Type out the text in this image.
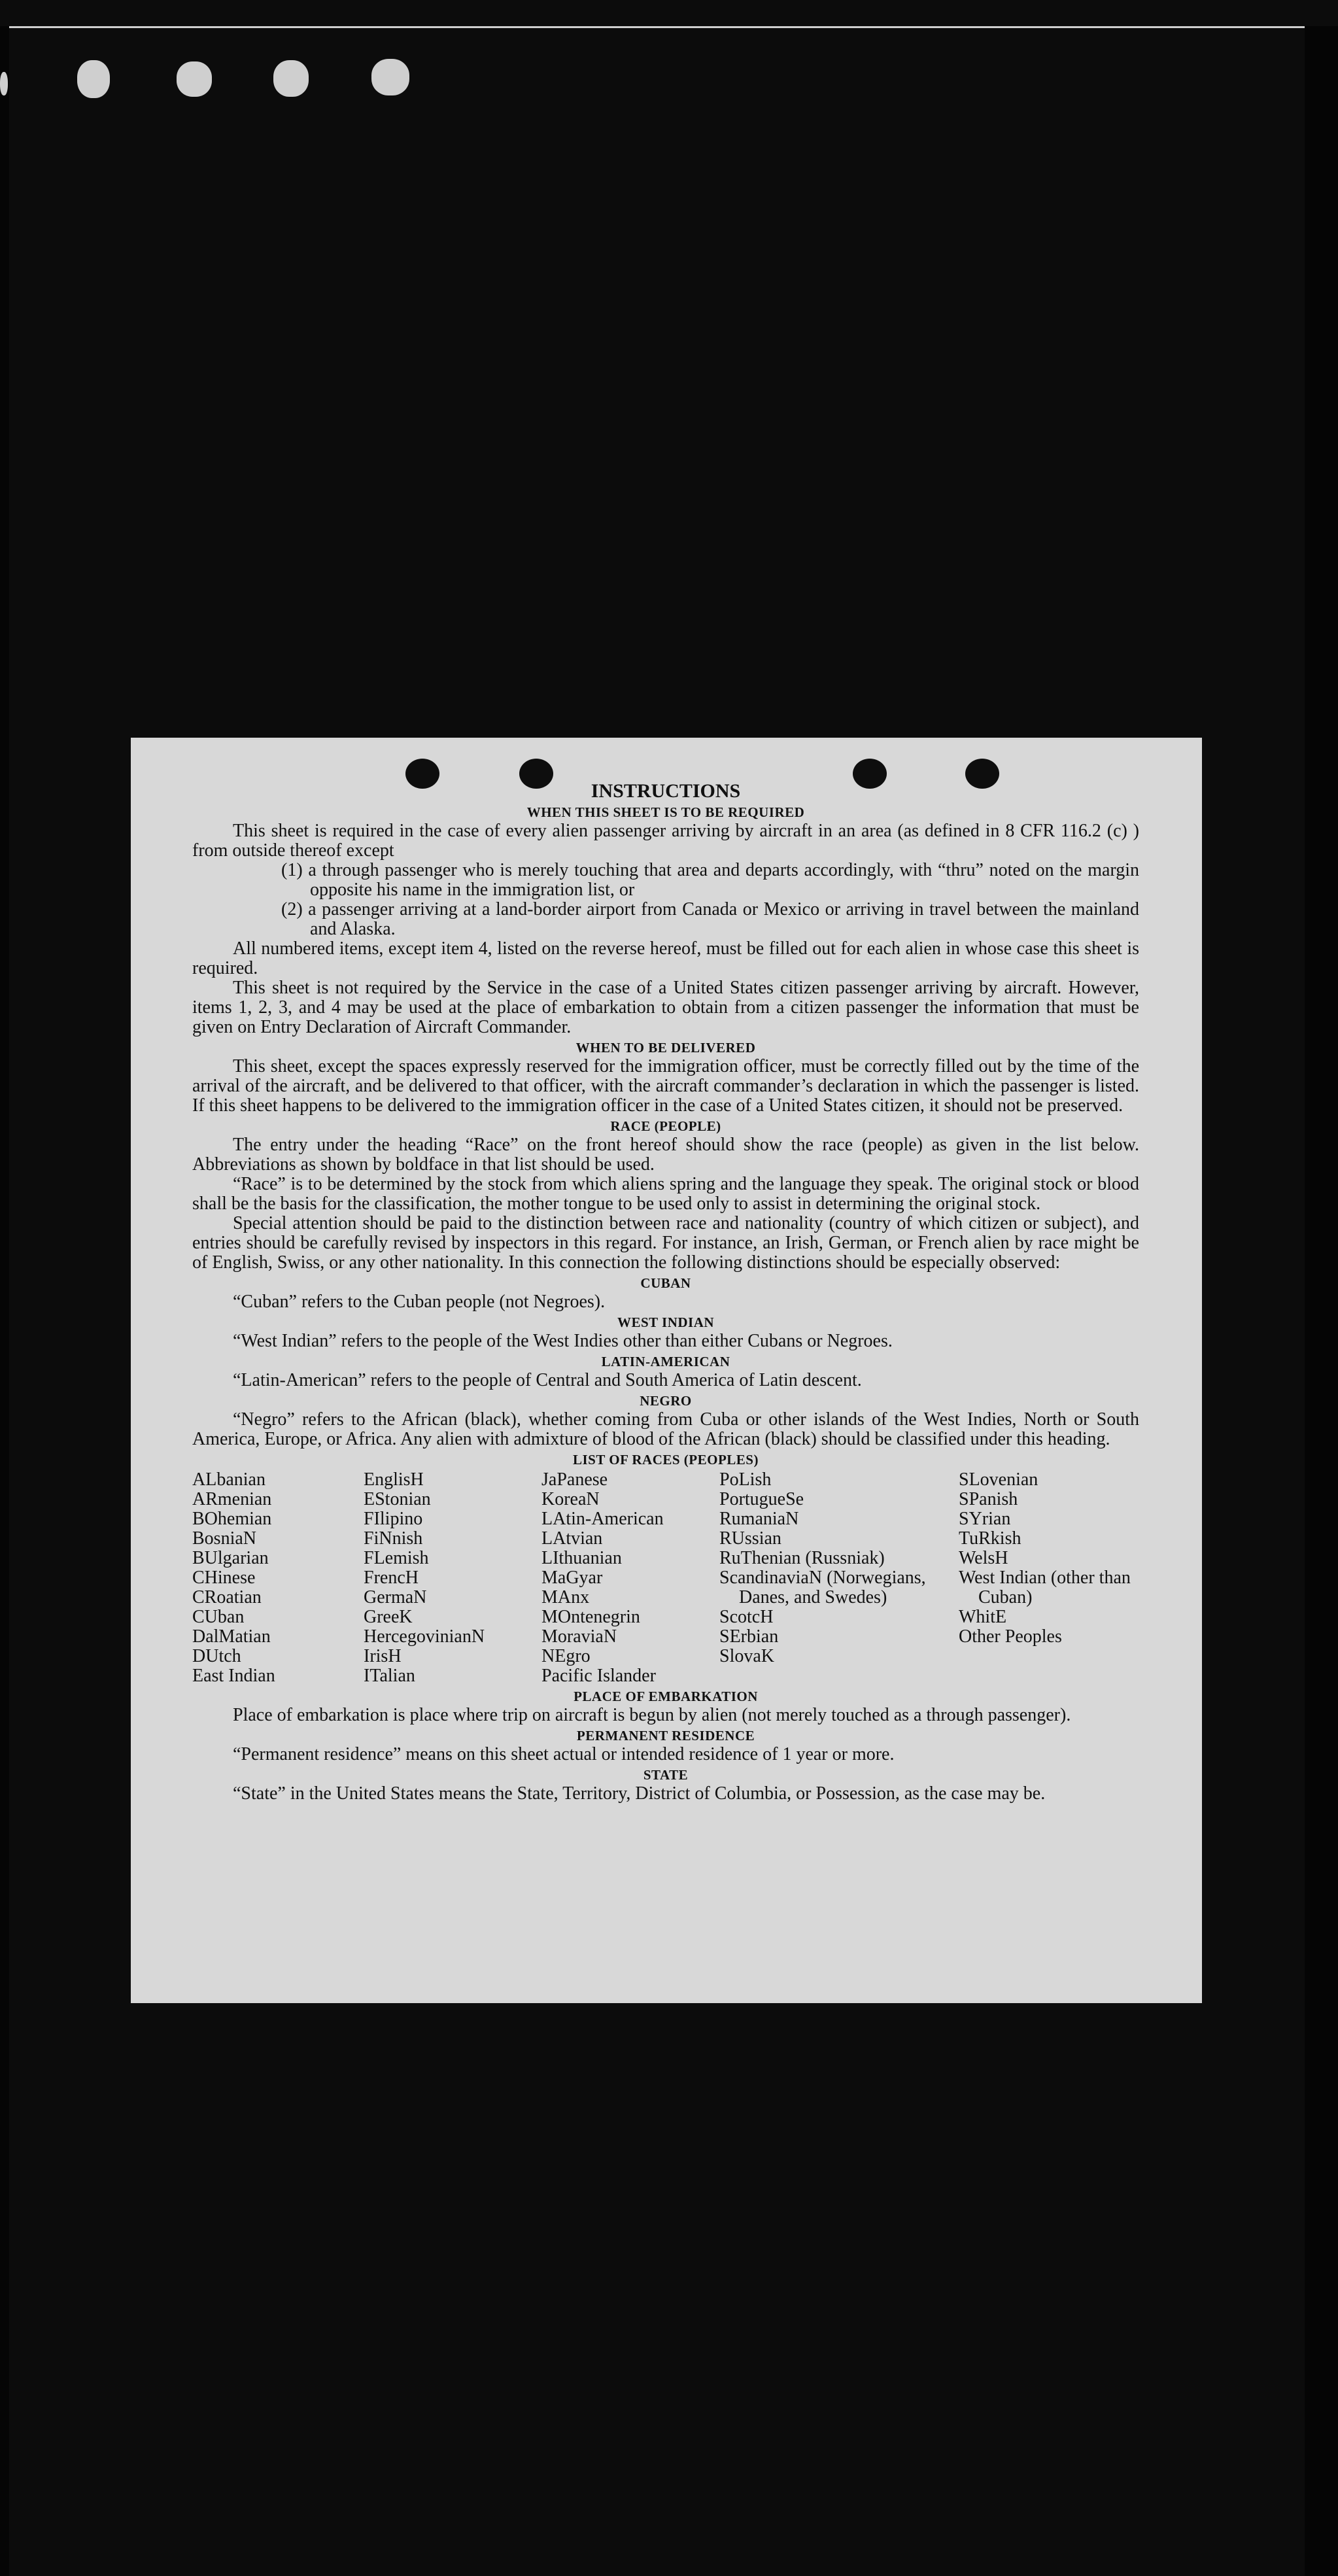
INSTRUCTIONS
WHEN THIS SHEET IS TO BE REQUIRED

This sheet is required in the case of every alien passenger arriving by aircraft in an area (as defined in 8 CFR 116.2 (c) ) from outside thereof except

(1) a through passenger who is merely touching that area and departs accordingly, with “thru” noted on the margin opposite his name in the immigration list, or

(2) a passenger arriving at a land-border airport from Canada or Mexico or arriving in travel between the mainland and Alaska.

All numbered items, except item 4, listed on the reverse hereof, must be filled out for each alien in whose case this sheet is required.

This sheet is not required by the Service in the case of a United States citizen passenger arriving by aircraft. However, items 1, 2, 3, and 4 may be used at the place of embarkation to obtain from a citizen passenger the information that must be given on Entry Declaration of Aircraft Commander.

WHEN TO BE DELIVERED

This sheet, except the spaces expressly reserved for the immigration officer, must be correctly filled out by the time of the arrival of the aircraft, and be delivered to that officer, with the aircraft commander’s declaration in which the passenger is listed. If this sheet happens to be delivered to the immigration officer in the case of a United States citizen, it should not be preserved.

RACE (PEOPLE)

The entry under the heading “Race” on the front hereof should show the race (people) as given in the list below. Abbreviations as shown by boldface in that list should be used.

“Race” is to be determined by the stock from which aliens spring and the language they speak. The original stock or blood shall be the basis for the classification, the mother tongue to be used only to assist in determining the original stock.

Special attention should be paid to the distinction between race and nationality (country of which citizen or subject), and entries should be carefully revised by inspectors in this regard. For instance, an Irish, German, or French alien by race might be of English, Swiss, or any other nationality. In this connection the following distinctions should be especially observed:

CUBAN

“Cuban” refers to the Cuban people (not Negroes).

WEST INDIAN

“West Indian” refers to the people of the West Indies other than either Cubans or Negroes.

LATIN-AMERICAN

“Latin-American” refers to the people of Central and South America of Latin descent.

NEGRO

“Negro” refers to the African (black), whether coming from Cuba or other islands of the West Indies, North or South America, Europe, or Africa. Any alien with admixture of blood of the African (black) should be classified under this heading.

LIST OF RACES (PEOPLES)
ALbanian
ARmenian
BOhemian
BosniaN
BUlgarian
CHinese
CRoatian
CUban
DalMatian
DUtch
East Indian
EnglisH
EStonian
FIlipino
FiNnish
FLemish
FrencH
GermaN
GreeK
HercegovinianN
IrisH
ITalian
JaPanese
KoreaN
LAtin-American
LAtvian
LIthuanian
MaGyar
MAnx
MOntenegrin
MoraviaN
NEgro
Pacific Islander
PoLish
PortugueSe
RumaniaN
RUssian
RuThenian (Russniak)
ScandinaviaN (Norwegians, Danes, and Swedes)
ScotcH
SErbian
SlovaK
SLovenian
SPanish
SYrian
TuRkish
WelsH
West Indian (other than Cuban)
WhitE
Other Peoples
PLACE OF EMBARKATION

Place of embarkation is place where trip on aircraft is begun by alien (not merely touched as a through passenger).

PERMANENT RESIDENCE

“Permanent residence” means on this sheet actual or intended residence of 1 year or more.

STATE

“State” in the United States means the State, Territory, District of Columbia, or Possession, as the case may be.
